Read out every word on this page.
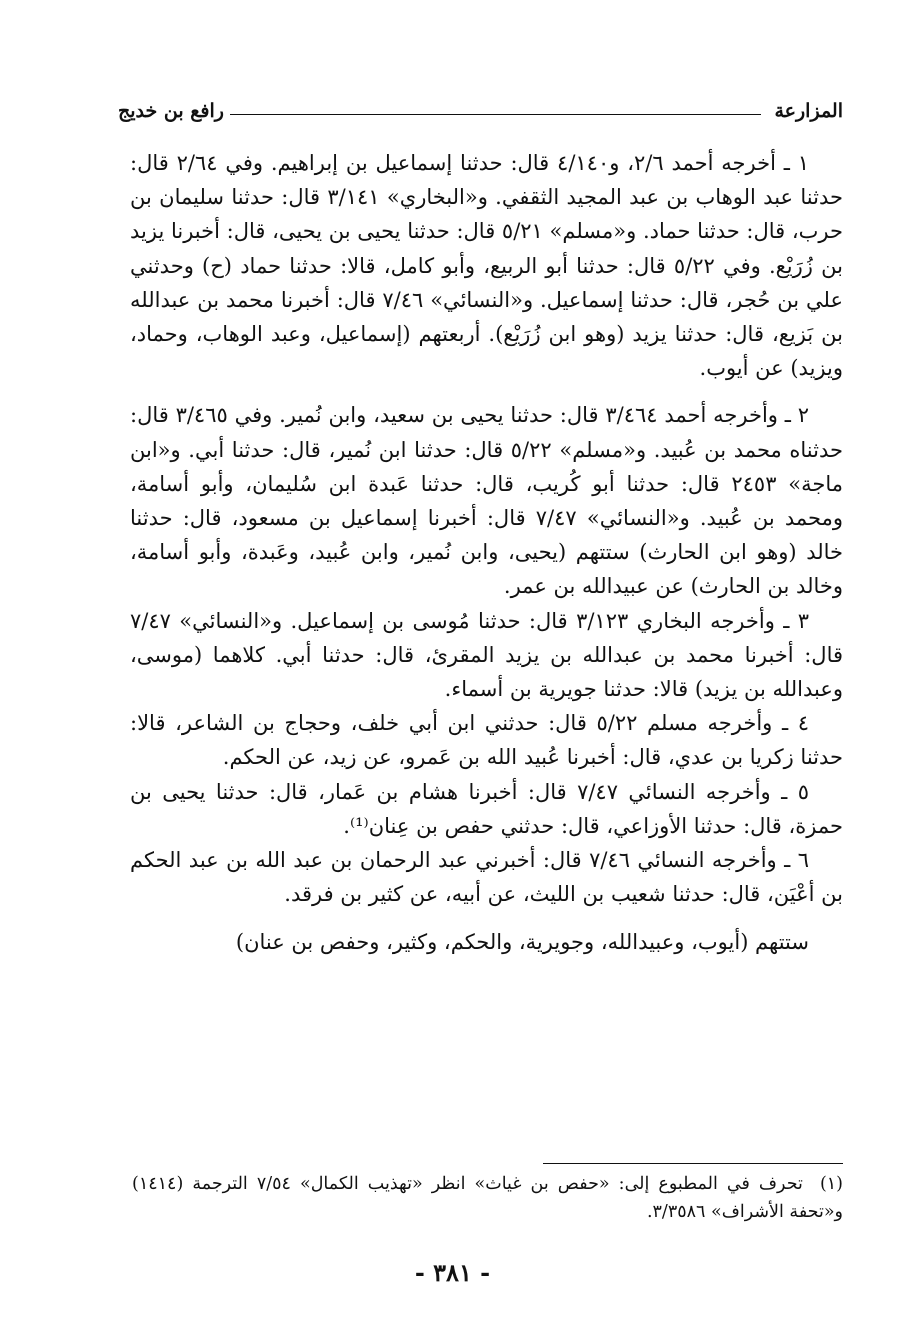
المزارعة
رافع بن خديج

١ ـ أخرجه أحمد ٢/٦، و٤/١٤٠ قال: حدثنا إسماعيل بن إبراهيم. وفي ٢/٦٤ قال: حدثنا عبد الوهاب بن عبد المجيد الثقفي. و«البخاري» ٣/١٤١ قال: حدثنا سليمان بن حرب، قال: حدثنا حماد. و«مسلم» ٥/٢١ قال: حدثنا يحيى بن يحيى، قال: أخبرنا يزيد بن زُرَيْع. وفي ٥/٢٢ قال: حدثنا أبو الربيع، وأبو كامل، قالا: حدثنا حماد (ح) وحدثني علي بن حُجر، قال: حدثنا إسماعيل. و«النسائي» ٧/٤٦ قال: أخبرنا محمد بن عبدالله بن بَزيع، قال: حدثنا يزيد (وهو ابن زُرَيْع). أربعتهم (إسماعيل، وعبد الوهاب، وحماد، ويزيد) عن أيوب.

٢ ـ وأخرجه أحمد ٣/٤٦٤ قال: حدثنا يحيى بن سعيد، وابن نُمير. وفي ٣/٤٦٥ قال: حدثناه محمد بن عُبيد. و«مسلم» ٥/٢٢ قال: حدثنا ابن نُمير، قال: حدثنا أبي. و«ابن ماجة» ٢٤٥٣ قال: حدثنا أبو كُريب، قال: حدثنا عَبدة ابن سُليمان، وأبو أسامة، ومحمد بن عُبيد. و«النسائي» ٧/٤٧ قال: أخبرنا إسماعيل بن مسعود، قال: حدثنا خالد (وهو ابن الحارث) ستتهم (يحيى، وابن نُمير، وابن عُبيد، وعَبدة، وأبو أسامة، وخالد بن الحارث) عن عبيدالله بن عمر.

٣ ـ وأخرجه البخاري ٣/١٢٣ قال: حدثنا مُوسى بن إسماعيل. و«النسائي» ٧/٤٧ قال: أخبرنا محمد بن عبدالله بن يزيد المقرئ، قال: حدثنا أبي. كلاهما (موسى، وعبدالله بن يزيد) قالا: حدثنا جويرية بن أسماء.

٤ ـ وأخرجه مسلم ٥/٢٢ قال: حدثني ابن أبي خلف، وحجاج بن الشاعر، قالا: حدثنا زكريا بن عدي، قال: أخبرنا عُبيد الله بن عَمرو، عن زيد، عن الحكم.

٥ ـ وأخرجه النسائي ٧/٤٧ قال: أخبرنا هشام بن عَمار، قال: حدثنا يحيى بن حمزة، قال: حدثنا الأوزاعي، قال: حدثني حفص بن عِنان⁽¹⁾.

٦ ـ وأخرجه النسائي ٧/٤٦ قال: أخبرني عبد الرحمان بن عبد الله بن عبد الحكم بن أعْيَن، قال: حدثنا شعيب بن الليث، عن أبيه، عن كثير بن فرقد.

ستتهم (أيوب، وعبيدالله، وجويرية، والحكم، وكثير، وحفص بن عنان)

(١) تحرف في المطبوع إلى: «حفص بن غياث» انظر «تهذيب الكمال» ٧/٥٤ الترجمة (١٤١٤) و«تحفة الأشراف» ٣/٣٥٨٦.
- ٣٨١ -
